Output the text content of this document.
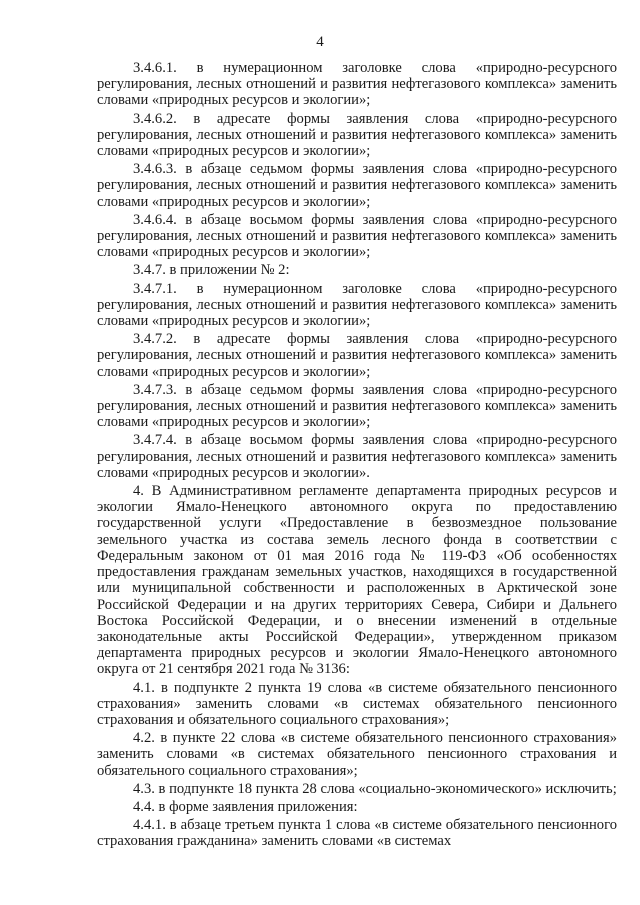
4

3.4.6.1. в нумерационном заголовке слова «природно-ресурсного регулирования, лесных отношений и развития нефтегазового комплекса» заменить словами «природных ресурсов и экологии»;

3.4.6.2. в адресате формы заявления слова «природно-ресурсного регулирования, лесных отношений и развития нефтегазового комплекса» заменить словами «природных ресурсов и экологии»;

3.4.6.3. в абзаце седьмом формы заявления слова «природно-ресурсного регулирования, лесных отношений и развития нефтегазового комплекса» заменить словами «природных ресурсов и экологии»;

3.4.6.4. в абзаце восьмом формы заявления слова «природно-ресурсного регулирования, лесных отношений и развития нефтегазового комплекса» заменить словами «природных ресурсов и экологии»;

3.4.7. в приложении № 2:

3.4.7.1. в нумерационном заголовке слова «природно-ресурсного регулирования, лесных отношений и развития нефтегазового комплекса» заменить словами «природных ресурсов и экологии»;

3.4.7.2. в адресате формы заявления слова «природно-ресурсного регулирования, лесных отношений и развития нефтегазового комплекса» заменить словами «природных ресурсов и экологии»;

3.4.7.3. в абзаце седьмом формы заявления слова «природно-ресурсного регулирования, лесных отношений и развития нефтегазового комплекса» заменить словами «природных ресурсов и экологии»;

3.4.7.4. в абзаце восьмом формы заявления слова «природно-ресурсного регулирования, лесных отношений и развития нефтегазового комплекса» заменить словами «природных ресурсов и экологии».

4. В Административном регламенте департамента природных ресурсов и экологии Ямало-Ненецкого автономного округа по предоставлению государственной услуги «Предоставление в безвозмездное пользование земельного участка из состава земель лесного фонда в соответствии с Федеральным законом от 01 мая 2016 года № 119-ФЗ «Об особенностях предоставления гражданам земельных участков, находящихся в государственной или муниципальной собственности и расположенных в Арктической зоне Российской Федерации и на других территориях Севера, Сибири и Дальнего Востока Российской Федерации, и о внесении изменений в отдельные законодательные акты Российской Федерации», утвержденном приказом департамента природных ресурсов и экологии Ямало-Ненецкого автономного округа от 21 сентября 2021 года № 3136:

4.1. в подпункте 2 пункта 19 слова «в системе обязательного пенсионного страхования» заменить словами «в системах обязательного пенсионного страхования и обязательного социального страхования»;

4.2. в пункте 22 слова «в системе обязательного пенсионного страхования» заменить словами «в системах обязательного пенсионного страхования и обязательного социального страхования»;

4.3. в подпункте 18 пункта 28 слова «социально-экономического» исключить;

4.4. в форме заявления приложения:

4.4.1. в абзаце третьем пункта 1 слова «в системе обязательного пенсионного страхования гражданина» заменить словами «в системах
